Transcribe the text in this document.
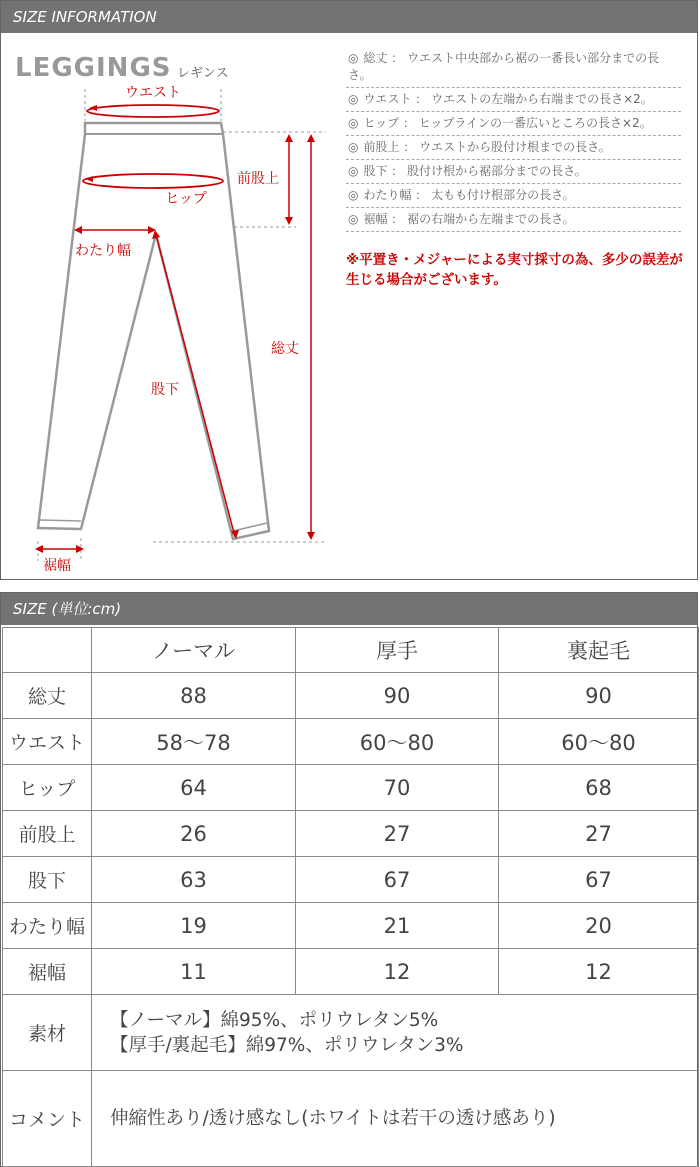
SIZE INFORMATION
LEGGINGS レギンス
ウエスト
ヒップ
前股上
わたり幅
股下
総丈
裾幅
◎ 総丈 ： ウエスト中央部から裾の一番長い部分までの長さ。
◎ ウエスト ： ウエストの左端から右端までの長さ×2。
◎ ヒップ ： ヒップラインの一番広いところの長さ×2。
◎ 前股上 ： ウエストから股付け根までの長さ。
◎ 股下 ： 股付け根から裾部分までの長さ。
◎ わたり幅 ： 太もも付け根部分の長さ。
◎ 裾幅 ： 裾の右端から左端までの長さ。
※平置き・メジャーによる実寸採寸の為、多少の誤差が生じる場合がございます。
SIZE (単位:cm)
	ノーマル	厚手	裏起毛
総丈	88	90	90
ウエスト	58〜78	60〜80	60〜80
ヒップ	64	70	68
前股上	26	27	27
股下	63	67	67
わたり幅	19	21	20
裾幅	11	12	12
素材	【ノーマル】綿95%、ポリウレタン5%
【厚手/裏起毛】綿97%、ポリウレタン3%		

コメント	伸縮性あり/透け感なし(ホワイトは若干の透け感あり)		
